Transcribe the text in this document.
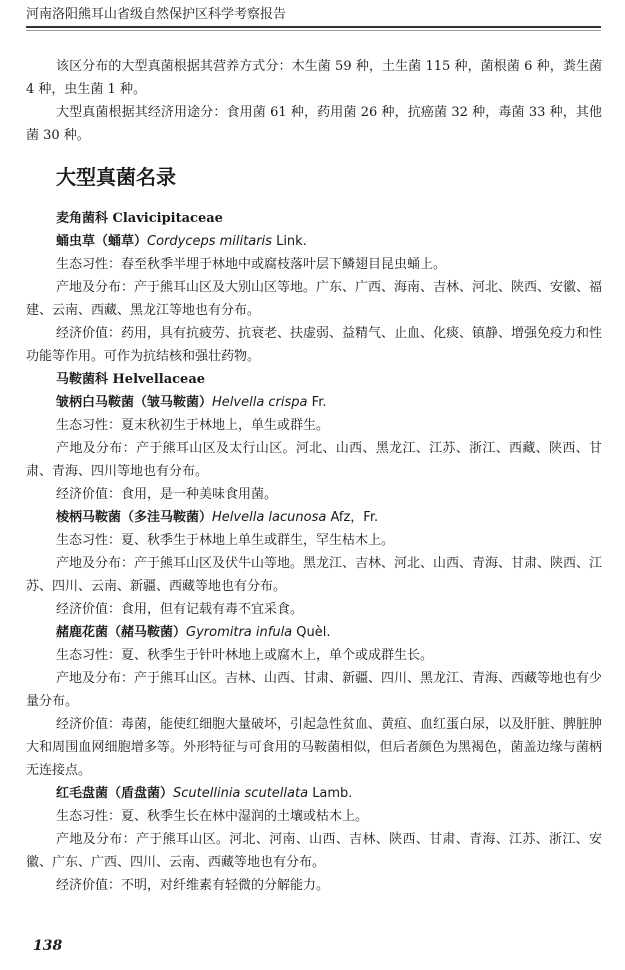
河南洛阳熊耳山省级自然保护区科学考察报告

该区分布的大型真菌根据其营养方式分：木生菌 59 种，土生菌 115 种，菌根菌 6 种，粪生菌 4 种，虫生菌 1 种。

大型真菌根据其经济用途分：食用菌 61 种，药用菌 26 种，抗癌菌 32 种，毒菌 33 种，其他菌 30 种。

大型真菌名录
麦角菌科 Clavicipitaceae
蛹虫草（蛹草）Cordyceps militaris Link.

生态习性：春至秋季半埋于林地中或腐枝落叶层下鳞翅目昆虫蛹上。

产地及分布：产于熊耳山区及大别山区等地。广东、广西、海南、吉林、河北、陕西、安徽、福建、云南、西藏、黑龙江等地也有分布。

经济价值：药用，具有抗疲劳、抗衰老、扶虚弱、益精气、止血、化痰、镇静、增强免疫力和性功能等作用。可作为抗结核和强壮药物。

马鞍菌科 Helvellaceae
皱柄白马鞍菌（皱马鞍菌）Helvella crispa Fr.

生态习性：夏末秋初生于林地上，单生或群生。

产地及分布：产于熊耳山区及太行山区。河北、山西、黑龙江、江苏、浙江、西藏、陕西、甘肃、青海、四川等地也有分布。

经济价值：食用，是一种美味食用菌。

棱柄马鞍菌（多洼马鞍菌）Helvella lacunosa Afz，Fr.

生态习性：夏、秋季生于林地上单生或群生，罕生枯木上。

产地及分布：产于熊耳山区及伏牛山等地。黑龙江、吉林、河北、山西、青海、甘肃、陕西、江苏、四川、云南、新疆、西藏等地也有分布。

经济价值：食用，但有记载有毒不宜采食。

赭鹿花菌（赭马鞍菌）Gyromitra infula Quèl.

生态习性：夏、秋季生于针叶林地上或腐木上，单个或成群生长。

产地及分布：产于熊耳山区。吉林、山西、甘肃、新疆、四川、黑龙江、青海、西藏等地也有少量分布。

经济价值：毒菌，能使红细胞大量破坏，引起急性贫血、黄疸、血红蛋白尿，以及肝脏、脾脏肿大和周围血网细胞增多等。外形特征与可食用的马鞍菌相似，但后者颜色为黑褐色，菌盖边缘与菌柄无连接点。

红毛盘菌（盾盘菌）Scutellinia scutellata Lamb.

生态习性：夏、秋季生长在林中湿润的土壤或枯木上。

产地及分布：产于熊耳山区。河北、河南、山西、吉林、陕西、甘肃、青海、江苏、浙江、安徽、广东、广西、四川、云南、西藏等地也有分布。

经济价值：不明，对纤维素有轻微的分解能力。

138
